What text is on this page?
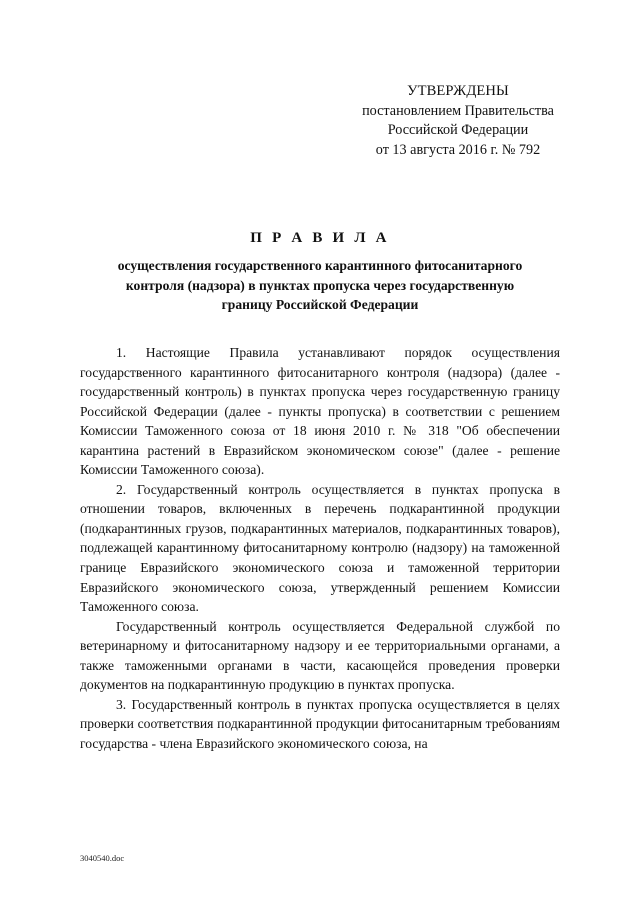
УТВЕРЖДЕНЫ
постановлением Правительства
Российской Федерации
от 13 августа 2016 г. № 792
П Р А В И Л А
осуществления государственного карантинного фитосанитарного
контроля (надзора) в пунктах пропуска через государственную
границу Российской Федерации

1. Настоящие Правила устанавливают порядок осуществления государственного карантинного фитосанитарного контроля (надзора) (далее - государственный контроль) в пунктах пропуска через государственную границу Российской Федерации (далее - пункты пропуска) в соответствии с решением Комиссии Таможенного союза от 18 июня 2010 г. № 318 "Об обеспечении карантина растений в Евразийском экономическом союзе" (далее - решение Комиссии Таможенного союза).

2. Государственный контроль осуществляется в пунктах пропуска в отношении товаров, включенных в перечень подкарантинной продукции (подкарантинных грузов, подкарантинных материалов, подкарантинных товаров), подлежащей карантинному фитосанитарному контролю (надзору) на таможенной границе Евразийского экономического союза и таможенной территории Евразийского экономического союза, утвержденный решением Комиссии Таможенного союза.

Государственный контроль осуществляется Федеральной службой по ветеринарному и фитосанитарному надзору и ее территориальными органами, а также таможенными органами в части, касающейся проведения проверки документов на подкарантинную продукцию в пунктах пропуска.

3. Государственный контроль в пунктах пропуска осуществляется в целях проверки соответствия подкарантинной продукции фитосанитарным требованиям государства - члена Евразийского экономического союза, на

3040540.doc
